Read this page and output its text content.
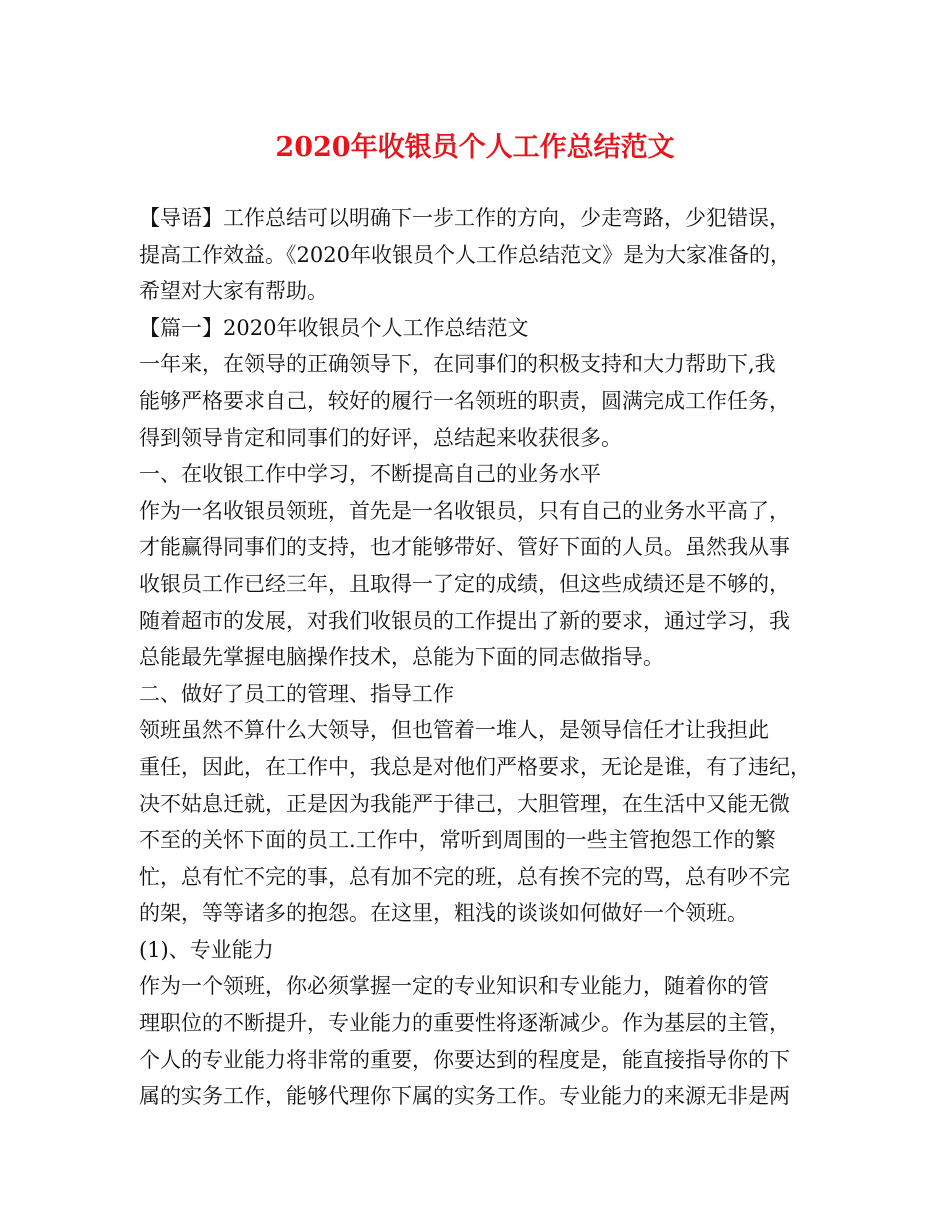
2020年收银员个人工作总结范文
【导语】工作总结可以明确下一步工作的方向，少走弯路，少犯错误，
提高工作效益。《2020年收银员个人工作总结范文》是为大家准备的，
希望对大家有帮助。
【篇一】2020年收银员个人工作总结范文
一年来，在领导的正确领导下，在同事们的积极支持和大力帮助下,我
能够严格要求自己，较好的履行一名领班的职责，圆满完成工作任务，
得到领导肯定和同事们的好评，总结起来收获很多。
一、在收银工作中学习，不断提高自己的业务水平
作为一名收银员领班，首先是一名收银员，只有自己的业务水平高了，
才能赢得同事们的支持，也才能够带好、管好下面的人员。虽然我从事
收银员工作已经三年，且取得一了定的成绩，但这些成绩还是不够的，
随着超市的发展，对我们收银员的工作提出了新的要求，通过学习，我
总能最先掌握电脑操作技术，总能为下面的同志做指导。
二、做好了员工的管理、指导工作
领班虽然不算什么大领导，但也管着一堆人，是领导信任才让我担此
重任，因此，在工作中，我总是对他们严格要求，无论是谁，有了违纪，
决不姑息迁就，正是因为我能严于律己，大胆管理，在生活中又能无微
不至的关怀下面的员工.工作中，常听到周围的一些主管抱怨工作的繁
忙，总有忙不完的事，总有加不完的班，总有挨不完的骂，总有吵不完
的架，等等诸多的抱怨。在这里，粗浅的谈谈如何做好一个领班。
(1)、专业能力
作为一个领班，你必须掌握一定的专业知识和专业能力，随着你的管
理职位的不断提升，专业能力的重要性将逐渐减少。作为基层的主管，
个人的专业能力将非常的重要，你要达到的程度是，能直接指导你的下
属的实务工作，能够代理你下属的实务工作。专业能力的来源无非是两
